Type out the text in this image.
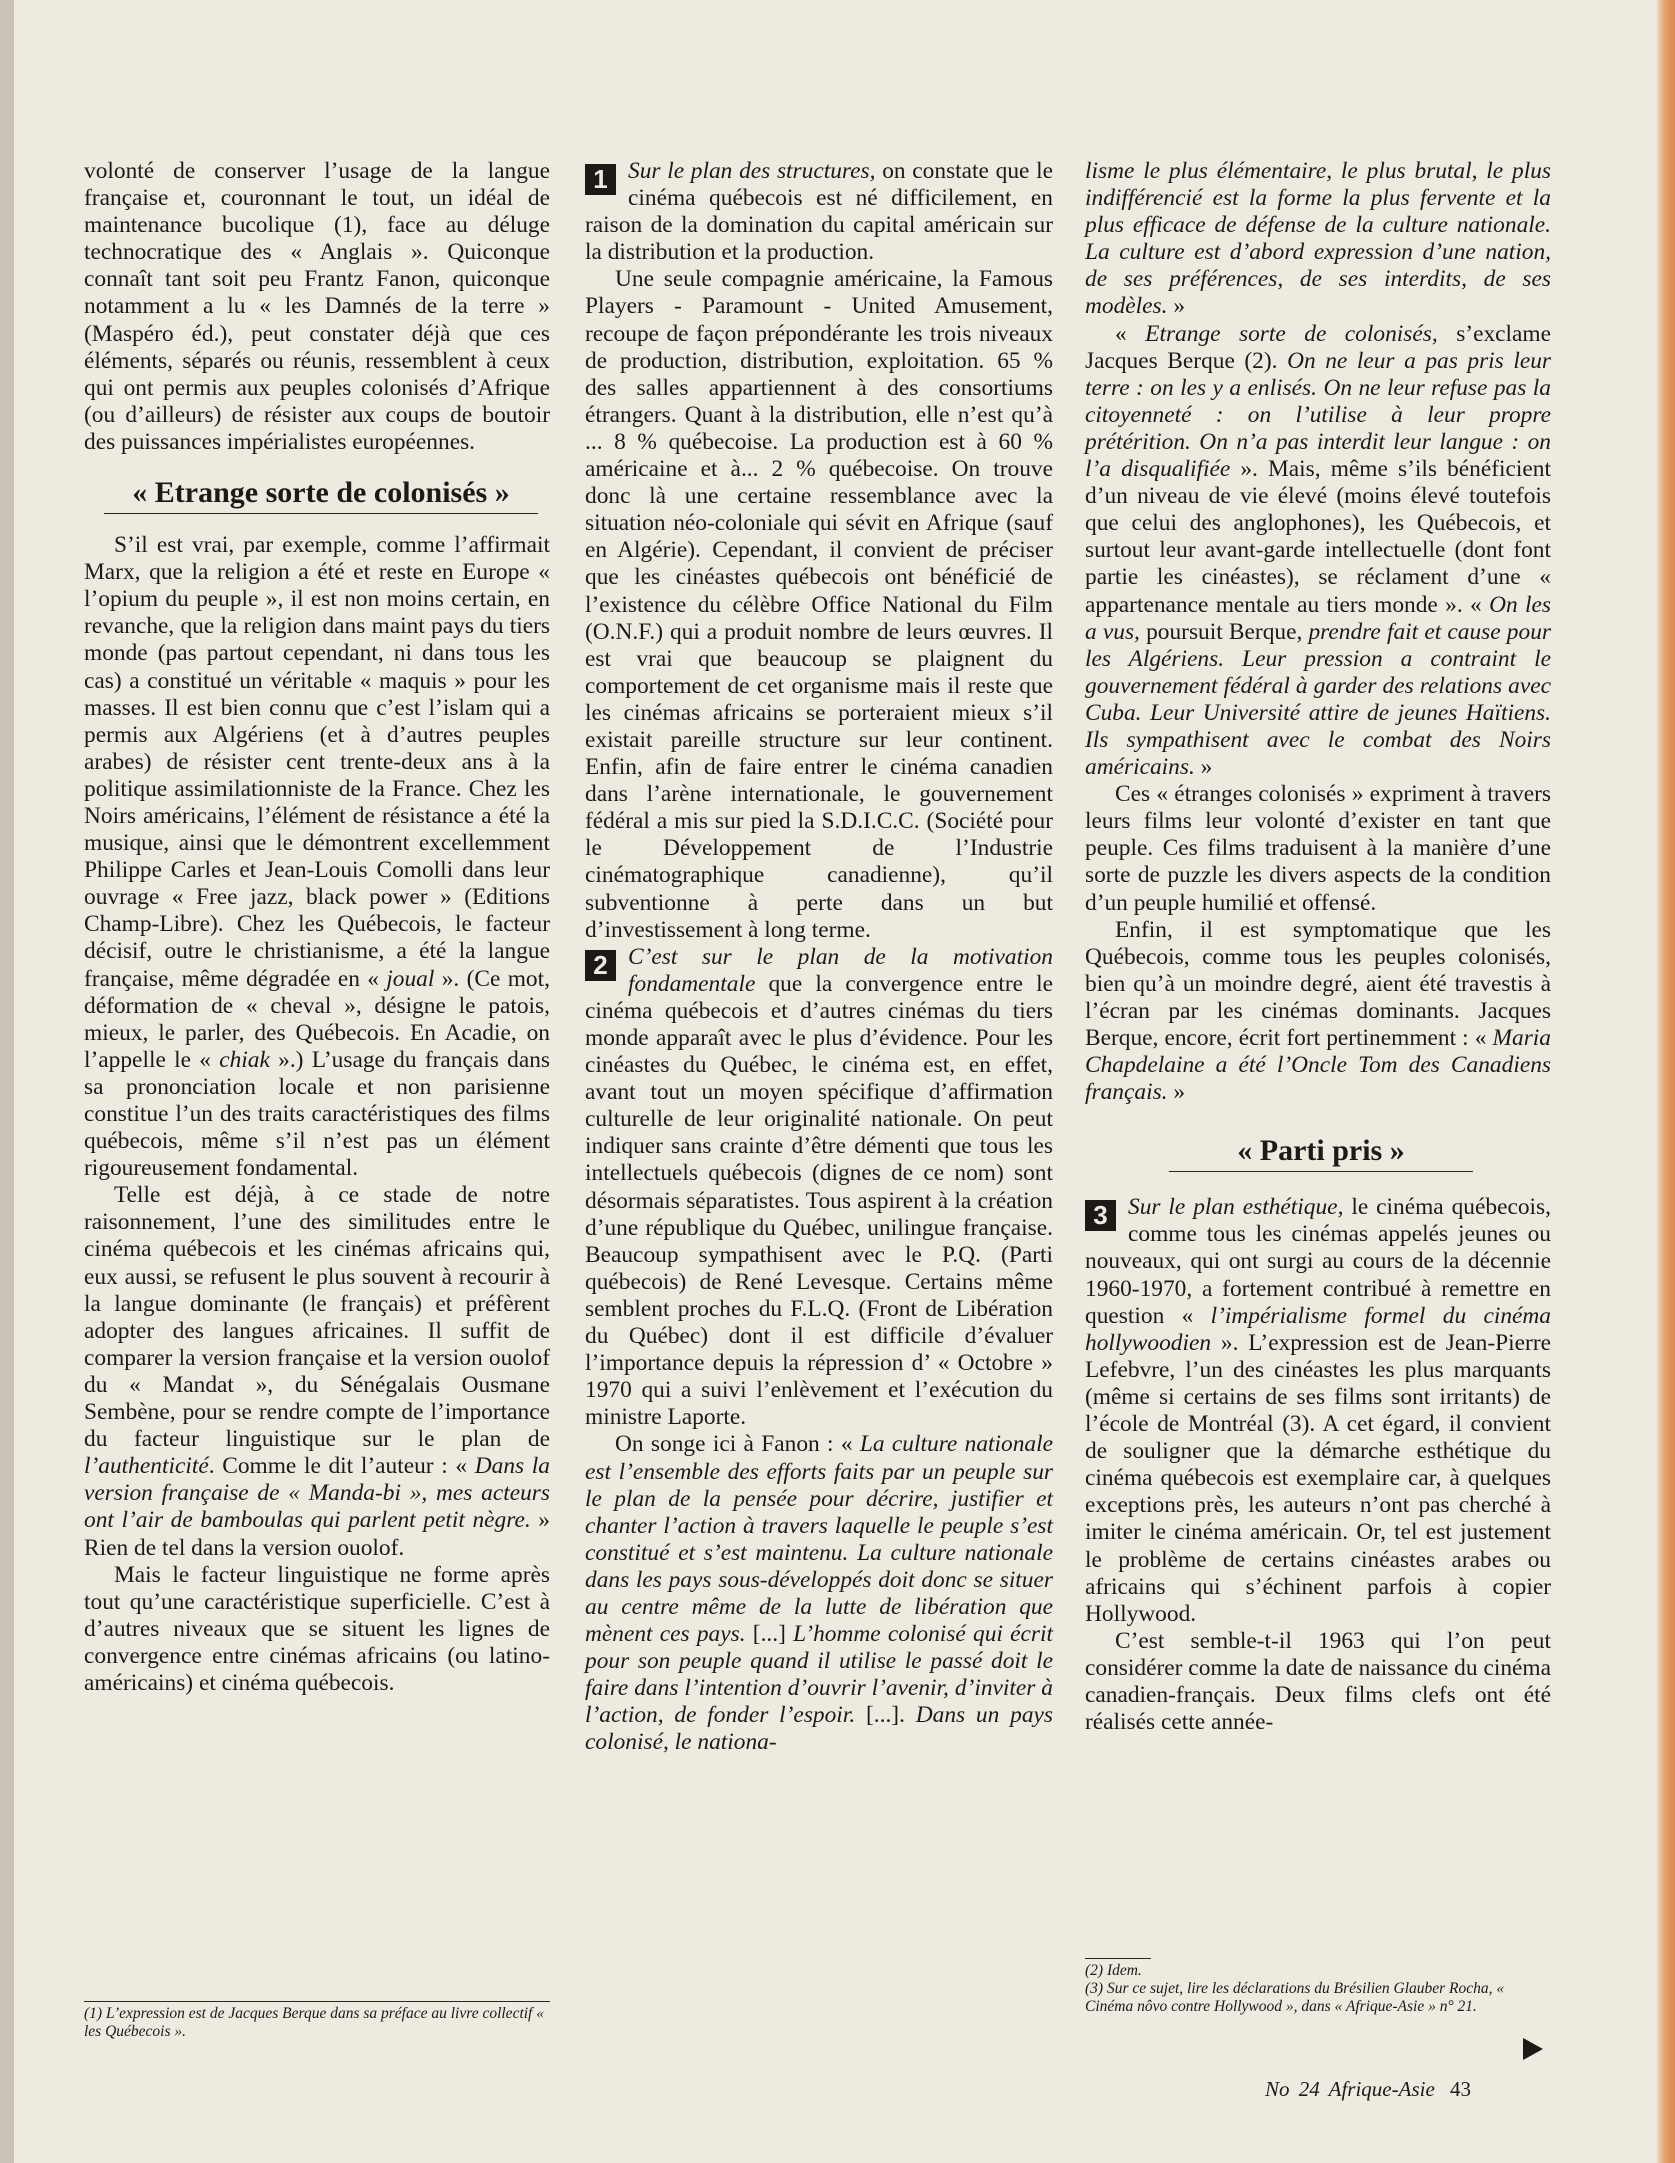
volonté de conserver l’usage de la langue française et, couronnant le tout, un idéal de maintenance bucolique (1), face au déluge technocratique des « Anglais ». Quiconque connaît tant soit peu Frantz Fanon, quiconque notamment a lu « les Damnés de la terre » (Maspéro éd.), peut constater déjà que ces éléments, séparés ou réunis, ressemblent à ceux qui ont permis aux peuples colonisés d’Afrique (ou d’ailleurs) de résister aux coups de boutoir des puissances impérialistes européennes.

« Etrange sorte de colonisés »

S’il est vrai, par exemple, comme l’affirmait Marx, que la religion a été et reste en Europe « l’opium du peuple », il est non moins certain, en revanche, que la religion dans maint pays du tiers monde (pas partout cependant, ni dans tous les cas) a constitué un véritable « maquis » pour les masses. Il est bien connu que c’est l’islam qui a permis aux Algériens (et à d’autres peuples arabes) de résister cent trente-deux ans à la politique assimilationniste de la France. Chez les Noirs américains, l’élément de résistance a été la musique, ainsi que le démontrent excellemment Philippe Carles et Jean-Louis Comolli dans leur ouvrage « Free jazz, black power » (Editions Champ-Libre). Chez les Québecois, le facteur décisif, outre le christianisme, a été la langue française, même dégradée en « joual ». (Ce mot, déformation de « cheval », désigne le patois, mieux, le parler, des Québecois. En Acadie, on l’appelle le « chiak ».) L’usage du français dans sa prononciation locale et non parisienne constitue l’un des traits caractéristiques des films québecois, même s’il n’est pas un élément rigoureusement fondamental.

Telle est déjà, à ce stade de notre raisonnement, l’une des similitudes entre le cinéma québecois et les cinémas africains qui, eux aussi, se refusent le plus souvent à recourir à la langue dominante (le français) et préfèrent adopter des langues africaines. Il suffit de comparer la version française et la version ouolof du « Mandat », du Sénégalais Ousmane Sembène, pour se rendre compte de l’importance du facteur linguistique sur le plan de l’authenticité. Comme le dit l’auteur : « Dans la version française de « Manda-bi », mes acteurs ont l’air de bamboulas qui parlent petit nègre. » Rien de tel dans la version ouolof.

Mais le facteur linguistique ne forme après tout qu’une caractéristique superficielle. C’est à d’autres niveaux que se situent les lignes de convergence entre cinémas africains (ou latino-américains) et cinéma québecois.

(1) L’expression est de Jacques Berque dans sa préface au livre collectif « les Québecois ».

1 Sur le plan des structures, on constate que le cinéma québecois est né difficilement, en raison de la domination du capital américain sur la distribution et la production.

Une seule compagnie américaine, la Famous Players - Paramount - United Amusement, recoupe de façon prépondérante les trois niveaux de production, distribution, exploitation. 65 % des salles appartiennent à des consortiums étrangers. Quant à la distribution, elle n’est qu’à ... 8 % québecoise. La production est à 60 % américaine et à... 2 % québecoise. On trouve donc là une certaine ressemblance avec la situation néo-coloniale qui sévit en Afrique (sauf en Algérie). Cependant, il convient de préciser que les cinéastes québecois ont bénéficié de l’existence du célèbre Office National du Film (O.N.F.) qui a produit nombre de leurs œuvres. Il est vrai que beaucoup se plaignent du comportement de cet organisme mais il reste que les cinémas africains se porteraient mieux s’il existait pareille structure sur leur continent. Enfin, afin de faire entrer le cinéma canadien dans l’arène internationale, le gouvernement fédéral a mis sur pied la S.D.I.C.C. (Société pour le Développement de l’Industrie cinématographique canadienne), qu’il subventionne à perte dans un but d’investissement à long terme.

2 C’est sur le plan de la motivation fondamentale que la convergence entre le cinéma québecois et d’autres cinémas du tiers monde apparaît avec le plus d’évidence. Pour les cinéastes du Québec, le cinéma est, en effet, avant tout un moyen spécifique d’affirmation culturelle de leur originalité nationale. On peut indiquer sans crainte d’être démenti que tous les intellectuels québecois (dignes de ce nom) sont désormais séparatistes. Tous aspirent à la création d’une république du Québec, unilingue française. Beaucoup sympathisent avec le P.Q. (Parti québecois) de René Levesque. Certains même semblent proches du F.L.Q. (Front de Libération du Québec) dont il est difficile d’évaluer l’importance depuis la répression d’ « Octobre » 1970 qui a suivi l’enlèvement et l’exécution du ministre Laporte.

On songe ici à Fanon : « La culture nationale est l’ensemble des efforts faits par un peuple sur le plan de la pensée pour décrire, justifier et chanter l’action à travers laquelle le peuple s’est constitué et s’est maintenu. La culture nationale dans les pays sous-développés doit donc se situer au centre même de la lutte de libération que mènent ces pays. [...] L’homme colonisé qui écrit pour son peuple quand il utilise le passé doit le faire dans l’intention d’ouvrir l’avenir, d’inviter à l’action, de fonder l’espoir. [...]. Dans un pays colonisé, le nationa-

lisme le plus élémentaire, le plus brutal, le plus indifférencié est la forme la plus fervente et la plus efficace de défense de la culture nationale. La culture est d’abord expression d’une nation, de ses préférences, de ses interdits, de ses modèles. »

« Etrange sorte de colonisés, s’exclame Jacques Berque (2). On ne leur a pas pris leur terre : on les y a enlisés. On ne leur refuse pas la citoyenneté : on l’utilise à leur propre prétérition. On n’a pas interdit leur langue : on l’a disqualifiée ». Mais, même s’ils bénéficient d’un niveau de vie élevé (moins élevé toutefois que celui des anglophones), les Québecois, et surtout leur avant-garde intellectuelle (dont font partie les cinéastes), se réclament d’une « appartenance mentale au tiers monde ». « On les a vus, poursuit Berque, prendre fait et cause pour les Algériens. Leur pression a contraint le gouvernement fédéral à garder des relations avec Cuba. Leur Université attire de jeunes Haïtiens. Ils sympathisent avec le combat des Noirs américains. »

Ces « étranges colonisés » expriment à travers leurs films leur volonté d’exister en tant que peuple. Ces films traduisent à la manière d’une sorte de puzzle les divers aspects de la condition d’un peuple humilié et offensé.

Enfin, il est symptomatique que les Québecois, comme tous les peuples colonisés, bien qu’à un moindre degré, aient été travestis à l’écran par les cinémas dominants. Jacques Berque, encore, écrit fort pertinemment : « Maria Chapdelaine a été l’Oncle Tom des Canadiens français. »

« Parti pris »

3 Sur le plan esthétique, le cinéma québecois, comme tous les cinémas appelés jeunes ou nouveaux, qui ont surgi au cours de la décennie 1960-1970, a fortement contribué à remettre en question « l’impérialisme formel du cinéma hollywoodien ». L’expression est de Jean-Pierre Lefebvre, l’un des cinéastes les plus marquants (même si certains de ses films sont irritants) de l’école de Montréal (3). A cet égard, il convient de souligner que la démarche esthétique du cinéma québecois est exemplaire car, à quelques exceptions près, les auteurs n’ont pas cherché à imiter le cinéma américain. Or, tel est justement le problème de certains cinéastes arabes ou africains qui s’échinent parfois à copier Hollywood.

C’est semble-t-il 1963 qui l’on peut considérer comme la date de naissance du cinéma canadien-français. Deux films clefs ont été réalisés cette année-

(2) Idem.
(3) Sur ce sujet, lire les déclarations du Brésilien Glauber Rocha, « Cinéma nôvo contre Hollywood », dans « Afrique-Asie » n° 21.
No 24 Afrique-Asie 43
